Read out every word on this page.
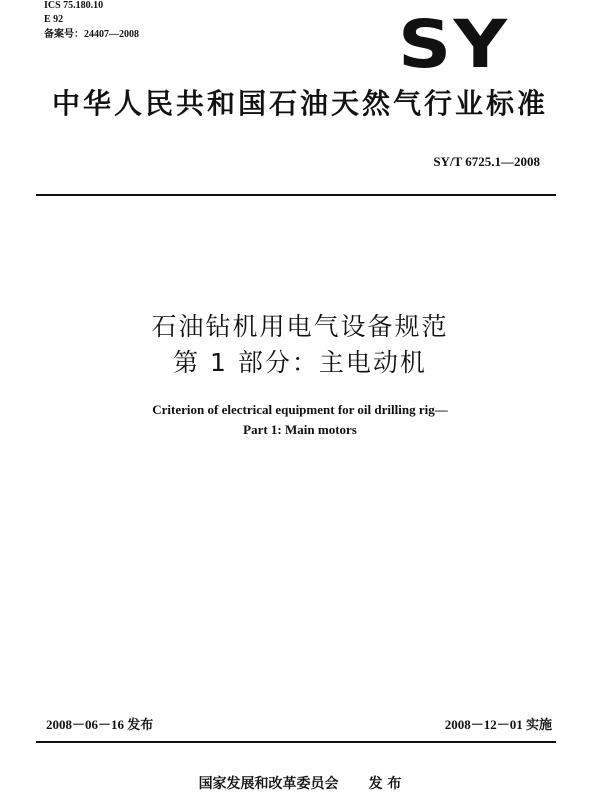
ICS 75.180.10
E 92
备案号：24407—2008	SY
中华人民共和国石油天然气行业标准
SY/T 6725.1—2008
石油钻机用电气设备规范
第 1 部分：主电动机
Criterion of electrical equipment for oil drilling rig—
Part 1: Main motors
2008－06－16 发布	2008－12－01 实施
国家发展和改革委员会 发 布
